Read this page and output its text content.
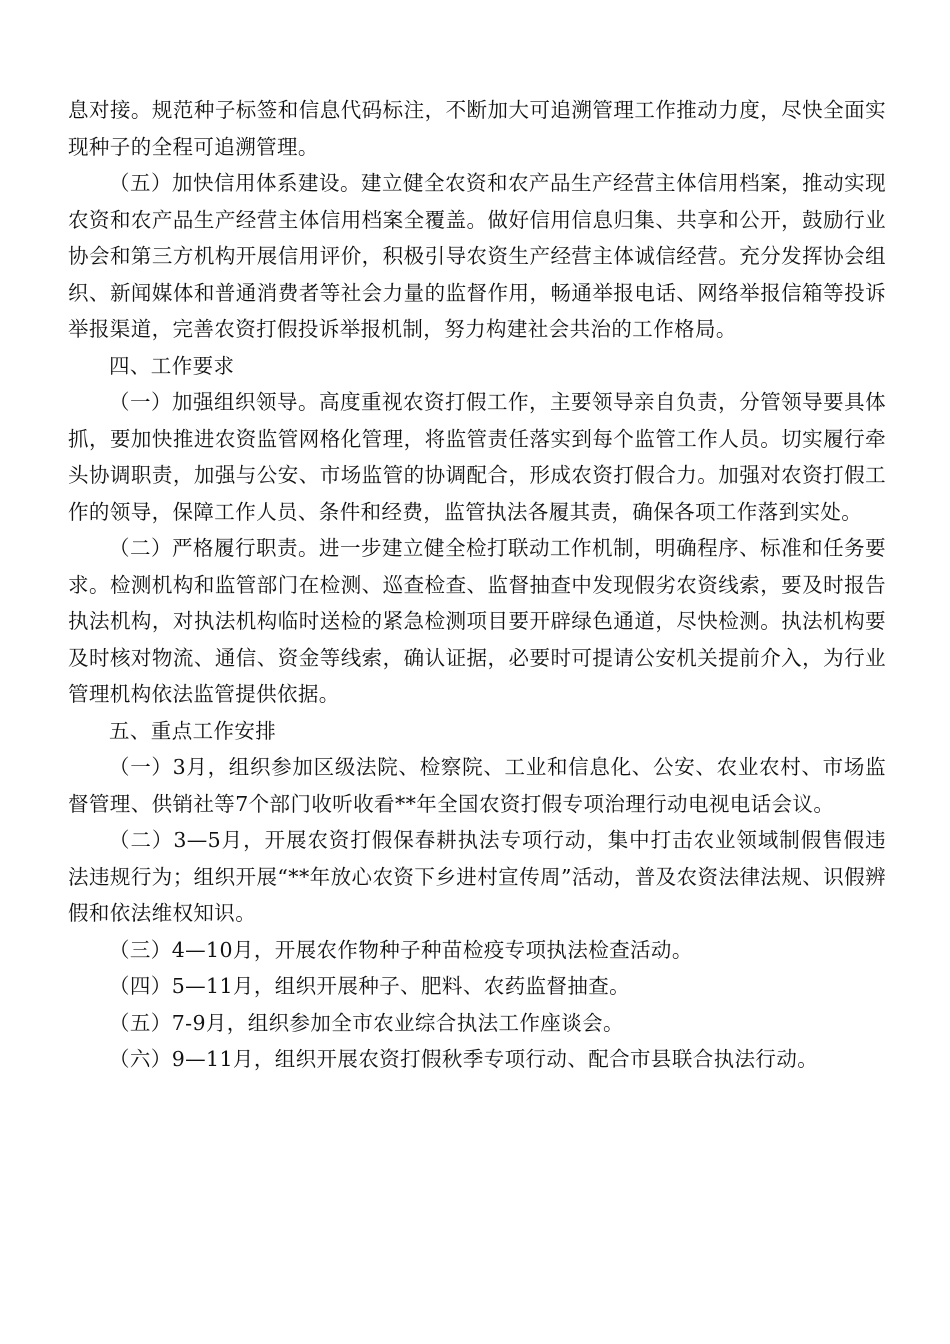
息对接。规范种子标签和信息代码标注，不断加大可追溯管理工作推动力度，尽快全面实现种子的全程可追溯管理。

（五）加快信用体系建设。建立健全农资和农产品生产经营主体信用档案，推动实现农资和农产品生产经营主体信用档案全覆盖。做好信用信息归集、共享和公开，鼓励行业协会和第三方机构开展信用评价，积极引导农资生产经营主体诚信经营。充分发挥协会组织、新闻媒体和普通消费者等社会力量的监督作用，畅通举报电话、网络举报信箱等投诉举报渠道，完善农资打假投诉举报机制，努力构建社会共治的工作格局。

四、工作要求

（一）加强组织领导。高度重视农资打假工作，主要领导亲自负责，分管领导要具体抓，要加快推进农资监管网格化管理，将监管责任落实到每个监管工作人员。切实履行牵头协调职责，加强与公安、市场监管的协调配合，形成农资打假合力。加强对农资打假工作的领导，保障工作人员、条件和经费，监管执法各履其责，确保各项工作落到实处。

（二）严格履行职责。进一步建立健全检打联动工作机制，明确程序、标准和任务要求。检测机构和监管部门在检测、巡查检查、监督抽查中发现假劣农资线索，要及时报告执法机构，对执法机构临时送检的紧急检测项目要开辟绿色通道，尽快检测。执法机构要及时核对物流、通信、资金等线索，确认证据，必要时可提请公安机关提前介入，为行业管理机构依法监管提供依据。

五、重点工作安排

（一）3月，组织参加区级法院、检察院、工业和信息化、公安、农业农村、市场监督管理、供销社等7个部门收听收看**年全国农资打假专项治理行动电视电话会议。

（二）3—5月，开展农资打假保春耕执法专项行动，集中打击农业领域制假售假违法违规行为；组织开展“**年放心农资下乡进村宣传周”活动，普及农资法律法规、识假辨假和依法维权知识。

（三）4—10月，开展农作物种子种苗检疫专项执法检查活动。

（四）5—11月，组织开展种子、肥料、农药监督抽查。

（五）7-9月，组织参加全市农业综合执法工作座谈会。

（六）9—11月，组织开展农资打假秋季专项行动、配合市县联合执法行动。
